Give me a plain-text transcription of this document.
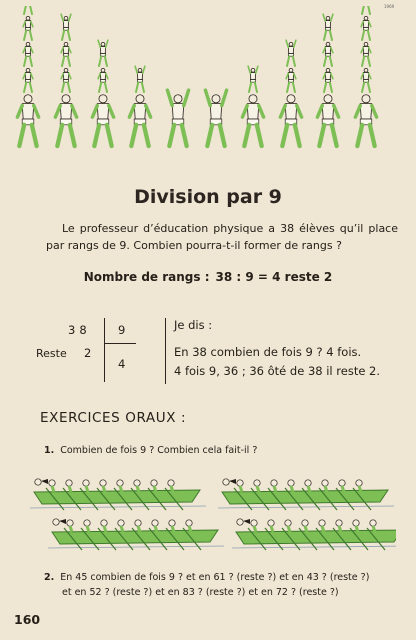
1969
Division par 9
Le professeur d’éducation physique a 38 élèves qu’il place par rangs de 9. Combien pourra-t-il former de rangs ?
Nombre de rangs : 38 : 9 = 4 reste 2
38 9
Reste 2
4
Je dis :
En 38 combien de fois 9 ? 4 fois.
4 fois 9, 36 ; 36 ôté de 38 il reste 2.
EXERCICES ORAUX :
1. Combien de fois 9 ? Combien cela fait-il ?
2. En 45 combien de fois 9 ? et en 61 ? (reste ?) et en 43 ? (reste ?)
et en 52 ? (reste ?) et en 83 ? (reste ?) et en 72 ? (reste ?)
160
